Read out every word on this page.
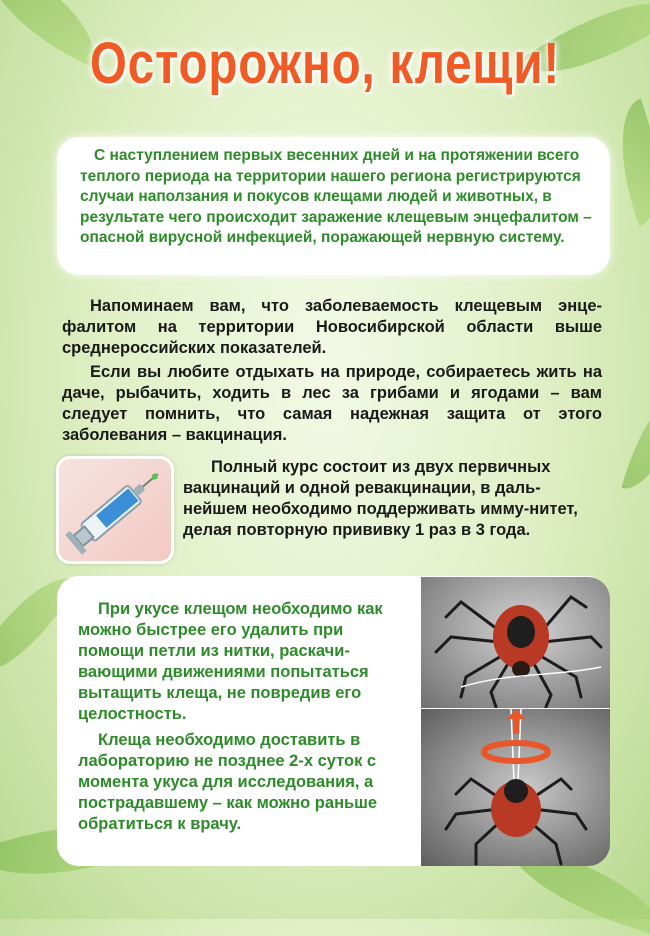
Осторожно, клещи!
С наступлением первых весенних дней и на протяжении всего теплого периода на территории нашего региона регистрируются случаи наползания и покусов клещами людей и животных, в результате чего происходит заражение клещевым энцефалитом – опасной вирусной инфекцией, поражающей нервную систему.
Напоминаем вам, что заболеваемость клещевым энце-фалитом на территории Новосибирской области выше среднероссийских показателей.
Если вы любите отдыхать на природе, собираетесь жить на даче, рыбачить, ходить в лес за грибами и ягодами – вам следует помнить, что самая надежная защита от этого заболевания – вакцинация.
Полный курс состоит из двух первичных вакцинаций и одной ревакцинации, в даль-нейшем необходимо поддерживать имму-нитет, делая повторную прививку 1 раз в 3 года.
При укусе клещом необходимо как можно быстрее его удалить при помощи петли из нитки, раскачи-вающими движениями попытаться вытащить клеща, не повредив его целостность.
Клеща необходимо доставить в лабораторию не позднее 2-х суток с момента укуса для исследования, а пострадавшему – как можно раньше обратиться к врачу.
